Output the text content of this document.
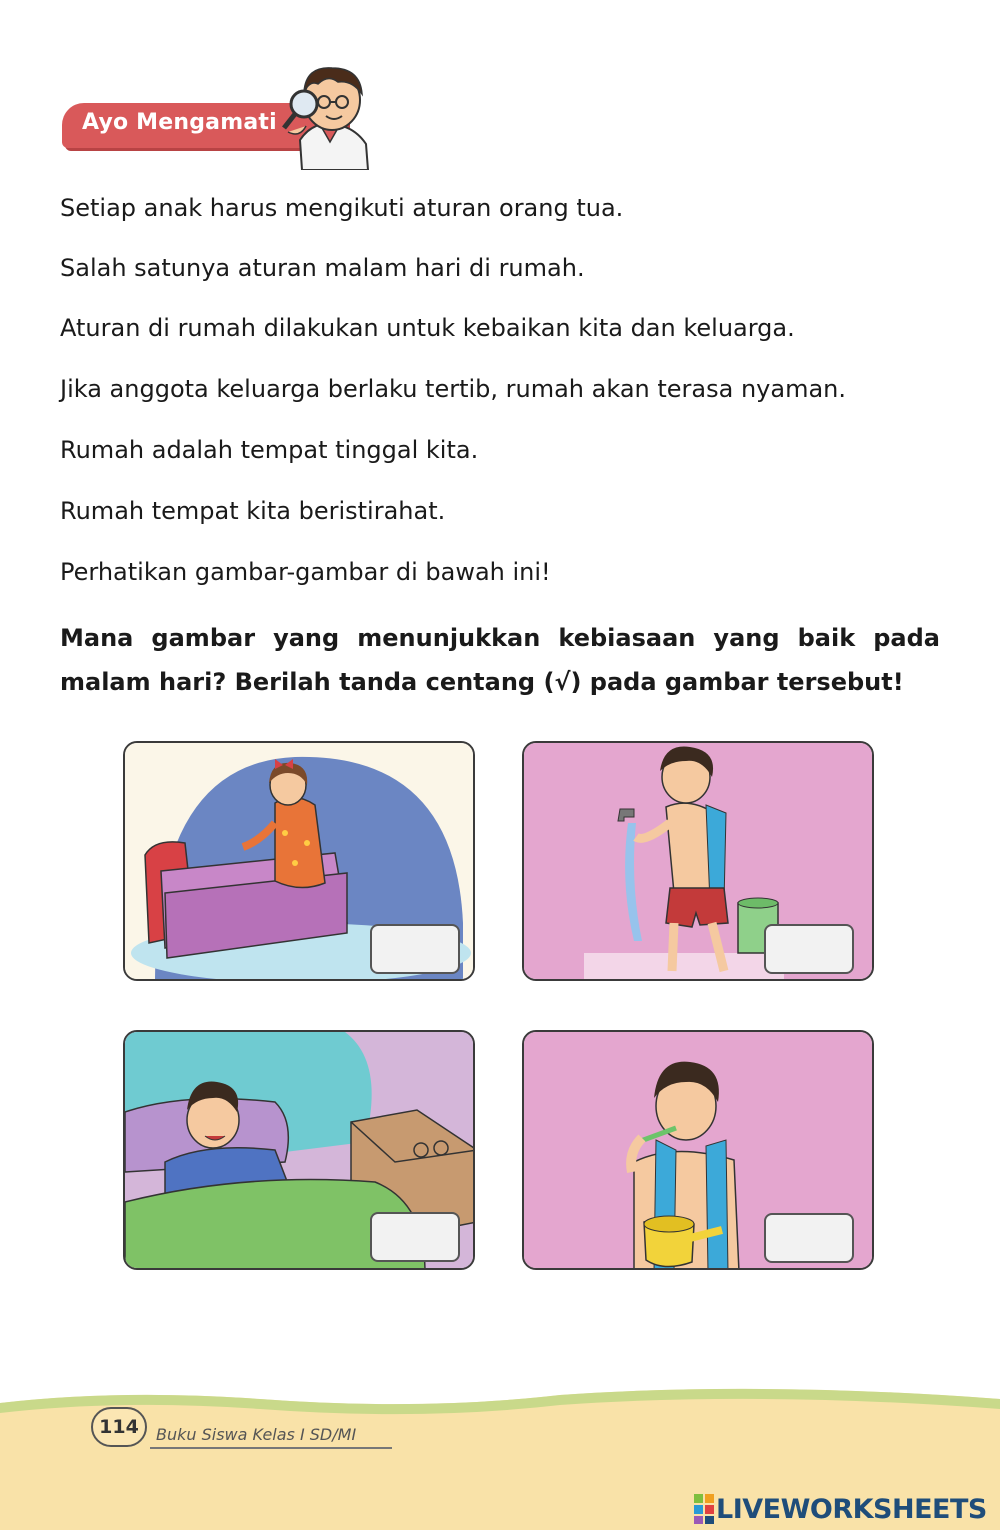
Ayo Mengamati
Setiap anak harus mengikuti aturan orang tua.
Salah satunya aturan malam hari di rumah.
Aturan di rumah dilakukan untuk kebaikan kita dan keluarga.
Jika anggota keluarga berlaku tertib, rumah akan terasa nyaman.
Rumah adalah tempat tinggal kita.
Rumah tempat kita beristirahat.
Perhatikan gambar-gambar di bawah ini!
Mana gambar yang menunjukkan kebiasaan yang baik pada malam hari? Berilah tanda centang (√) pada gambar tersebut!
114	Buku Siswa Kelas I SD/MI
LIVEWORKSHEETS
